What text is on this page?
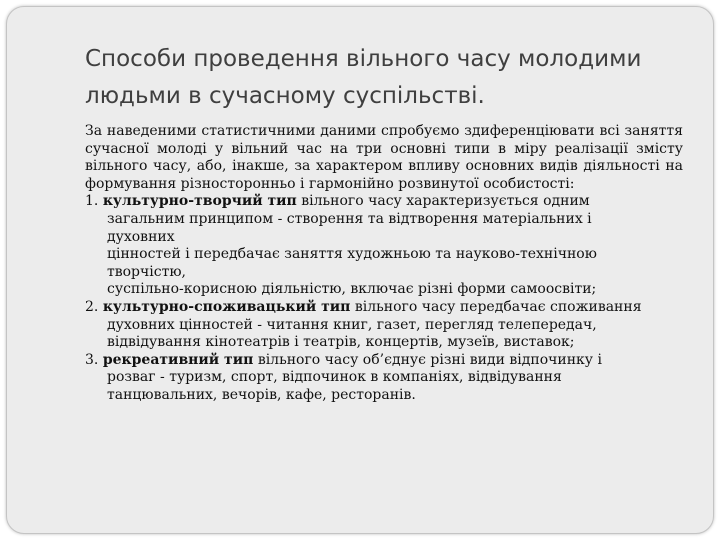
Способи проведення вільного часу молодими
людьми в сучасному суспільстві.

За наведеними статистичними даними спробуємо здиференціювати всі заняття сучасної молоді у вільний час на три основні типи в міру реалізації змісту вільного часу, або, інакше, за характером впливу основних видів діяльності на формування різносторонньо і гармонійно розвинутої особистості:

1. культурно-творчий тип вільного часу характеризується одним
загальним принципом - створення та відтворення матеріальних і
духовних
цінностей і передбачає заняття художньою та науково-технічною
творчістю,
суспільно-корисною діяльністю, включає різні форми самоосвіти;
2. культурно-споживацький тип вільного часу передбачає споживання
духовних цінностей - читання книг, газет, перегляд телепередач,
відвідування кінотеатрів і театрів, концертів, музеїв, виставок;
3. рекреативний тип вільного часу об’єднує різні види відпочинку і
розваг - туризм, спорт, відпочинок в компаніях, відвідування
танцювальних, вечорів, кафе, ресторанів.
